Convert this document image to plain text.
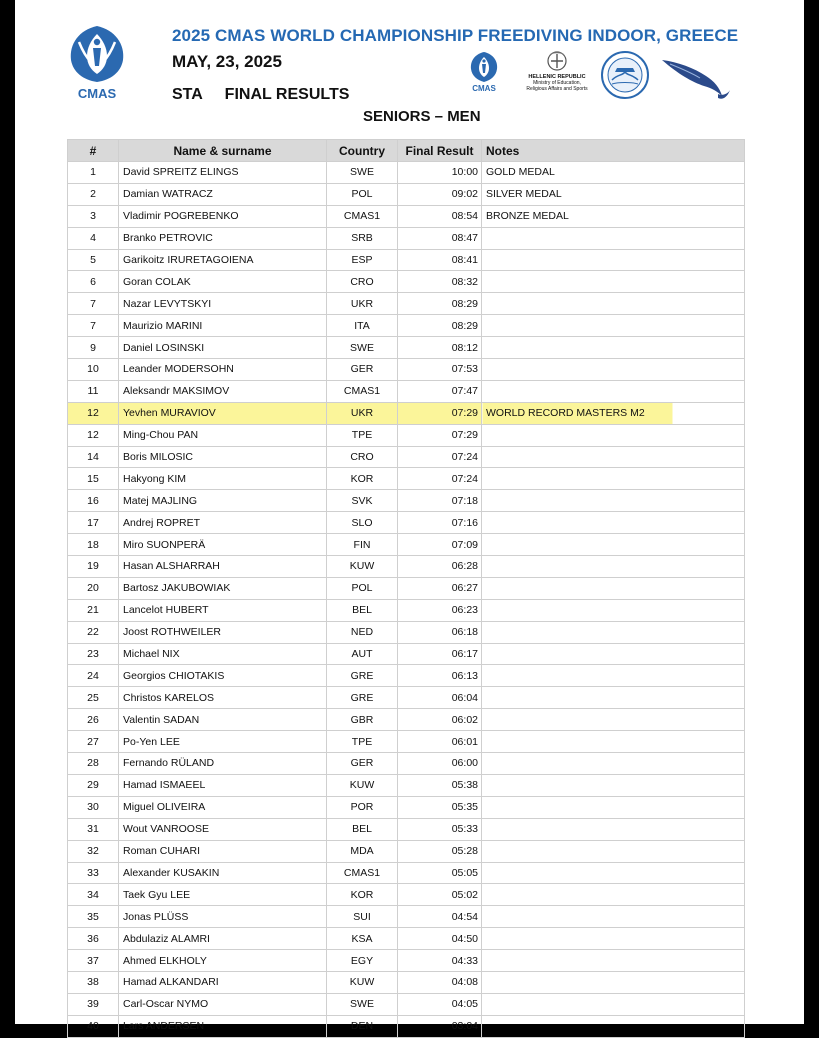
CMAS
2025 CMAS WORLD CHAMPIONSHIP FREEDIVING INDOOR, GREECE
MAY, 23, 2025
STA FINAL RESULTS
SENIORS – MEN
CMAS
HELLENIC REPUBLIC
Ministry of Education,
Religious Affairs and Sports
#	Name & surname	Country	Final Result	Notes
1	David SPREITZ ELINGS	SWE	10:00	GOLD MEDAL
2	Damian WATRACZ	POL	09:02	SILVER MEDAL
3	Vladimir POGREBENKO	CMAS1	08:54	BRONZE MEDAL
4	Branko PETROVIC	SRB	08:47	
5	Garikoitz IRURETAGOIENA	ESP	08:41	
6	Goran COLAK	CRO	08:32	
7	Nazar LEVYTSKYI	UKR	08:29	
7	Maurizio MARINI	ITA	08:29	
9	Daniel LOSINSKI	SWE	08:12	
10	Leander MODERSOHN	GER	07:53	
11	Aleksandr MAKSIMOV	CMAS1	07:47	
12	Yevhen MURAVIOV	UKR	07:29	WORLD RECORD MASTERS M2
12	Ming-Chou PAN	TPE	07:29	
14	Boris MILOSIC	CRO	07:24	
15	Hakyong KIM	KOR	07:24	
16	Matej MAJLING	SVK	07:18	
17	Andrej ROPRET	SLO	07:16	
18	Miro SUONPERÄ	FIN	07:09	
19	Hasan ALSHARRAH	KUW	06:28	
20	Bartosz JAKUBOWIAK	POL	06:27	
21	Lancelot HUBERT	BEL	06:23	
22	Joost ROTHWEILER	NED	06:18	
23	Michael NIX	AUT	06:17	
24	Georgios CHIOTAKIS	GRE	06:13	
25	Christos KARELOS	GRE	06:04	
26	Valentin SADAN	GBR	06:02	
27	Po-Yen LEE	TPE	06:01	
28	Fernando RÜLAND	GER	06:00	
29	Hamad ISMAEEL	KUW	05:38	
30	Miguel OLIVEIRA	POR	05:35	
31	Wout VANROOSE	BEL	05:33	
32	Roman CUHARI	MDA	05:28	
33	Alexander KUSAKIN	CMAS1	05:05	
34	Taek Gyu LEE	KOR	05:02	
35	Jonas PLÜSS	SUI	04:54	
36	Abdulaziz ALAMRI	KSA	04:50	
37	Ahmed ELKHOLY	EGY	04:33	
38	Hamad ALKANDARI	KUW	04:08	
39	Carl-Oscar NYMO	SWE	04:05	
40	Lars ANDERSEN	DEN	03:04	
